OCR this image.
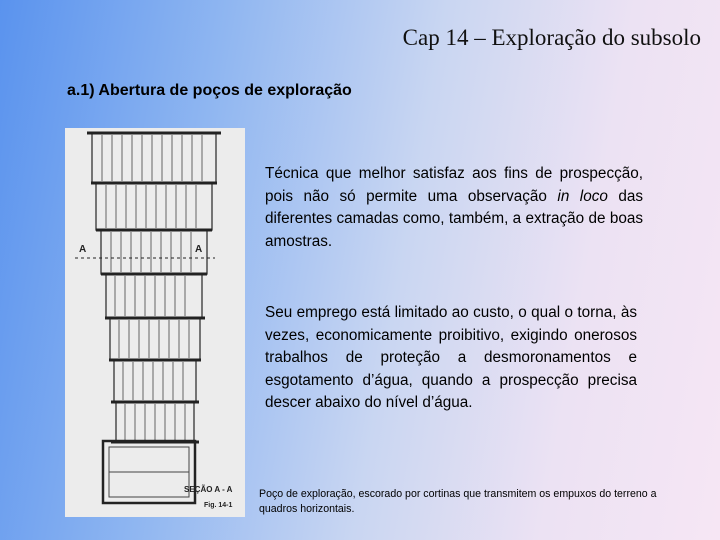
Cap 14 – Exploração do subsolo
a.1) Abertura de poços de exploração
A	A
SEÇÃO A - A
Fig. 14-1

Técnica que melhor satisfaz aos fins de prospecção, pois não só permite uma observação in loco das diferentes camadas como, também, a extração de boas amostras.

Seu emprego está limitado ao custo, o qual o torna, às vezes, economicamente proibitivo, exigindo onerosos trabalhos de proteção a desmoronamentos e esgotamento d’água, quando a prospecção precisa descer abaixo do nível d’água.

Poço de exploração, escorado por cortinas que transmitem os empuxos do terreno a quadros horizontais.
